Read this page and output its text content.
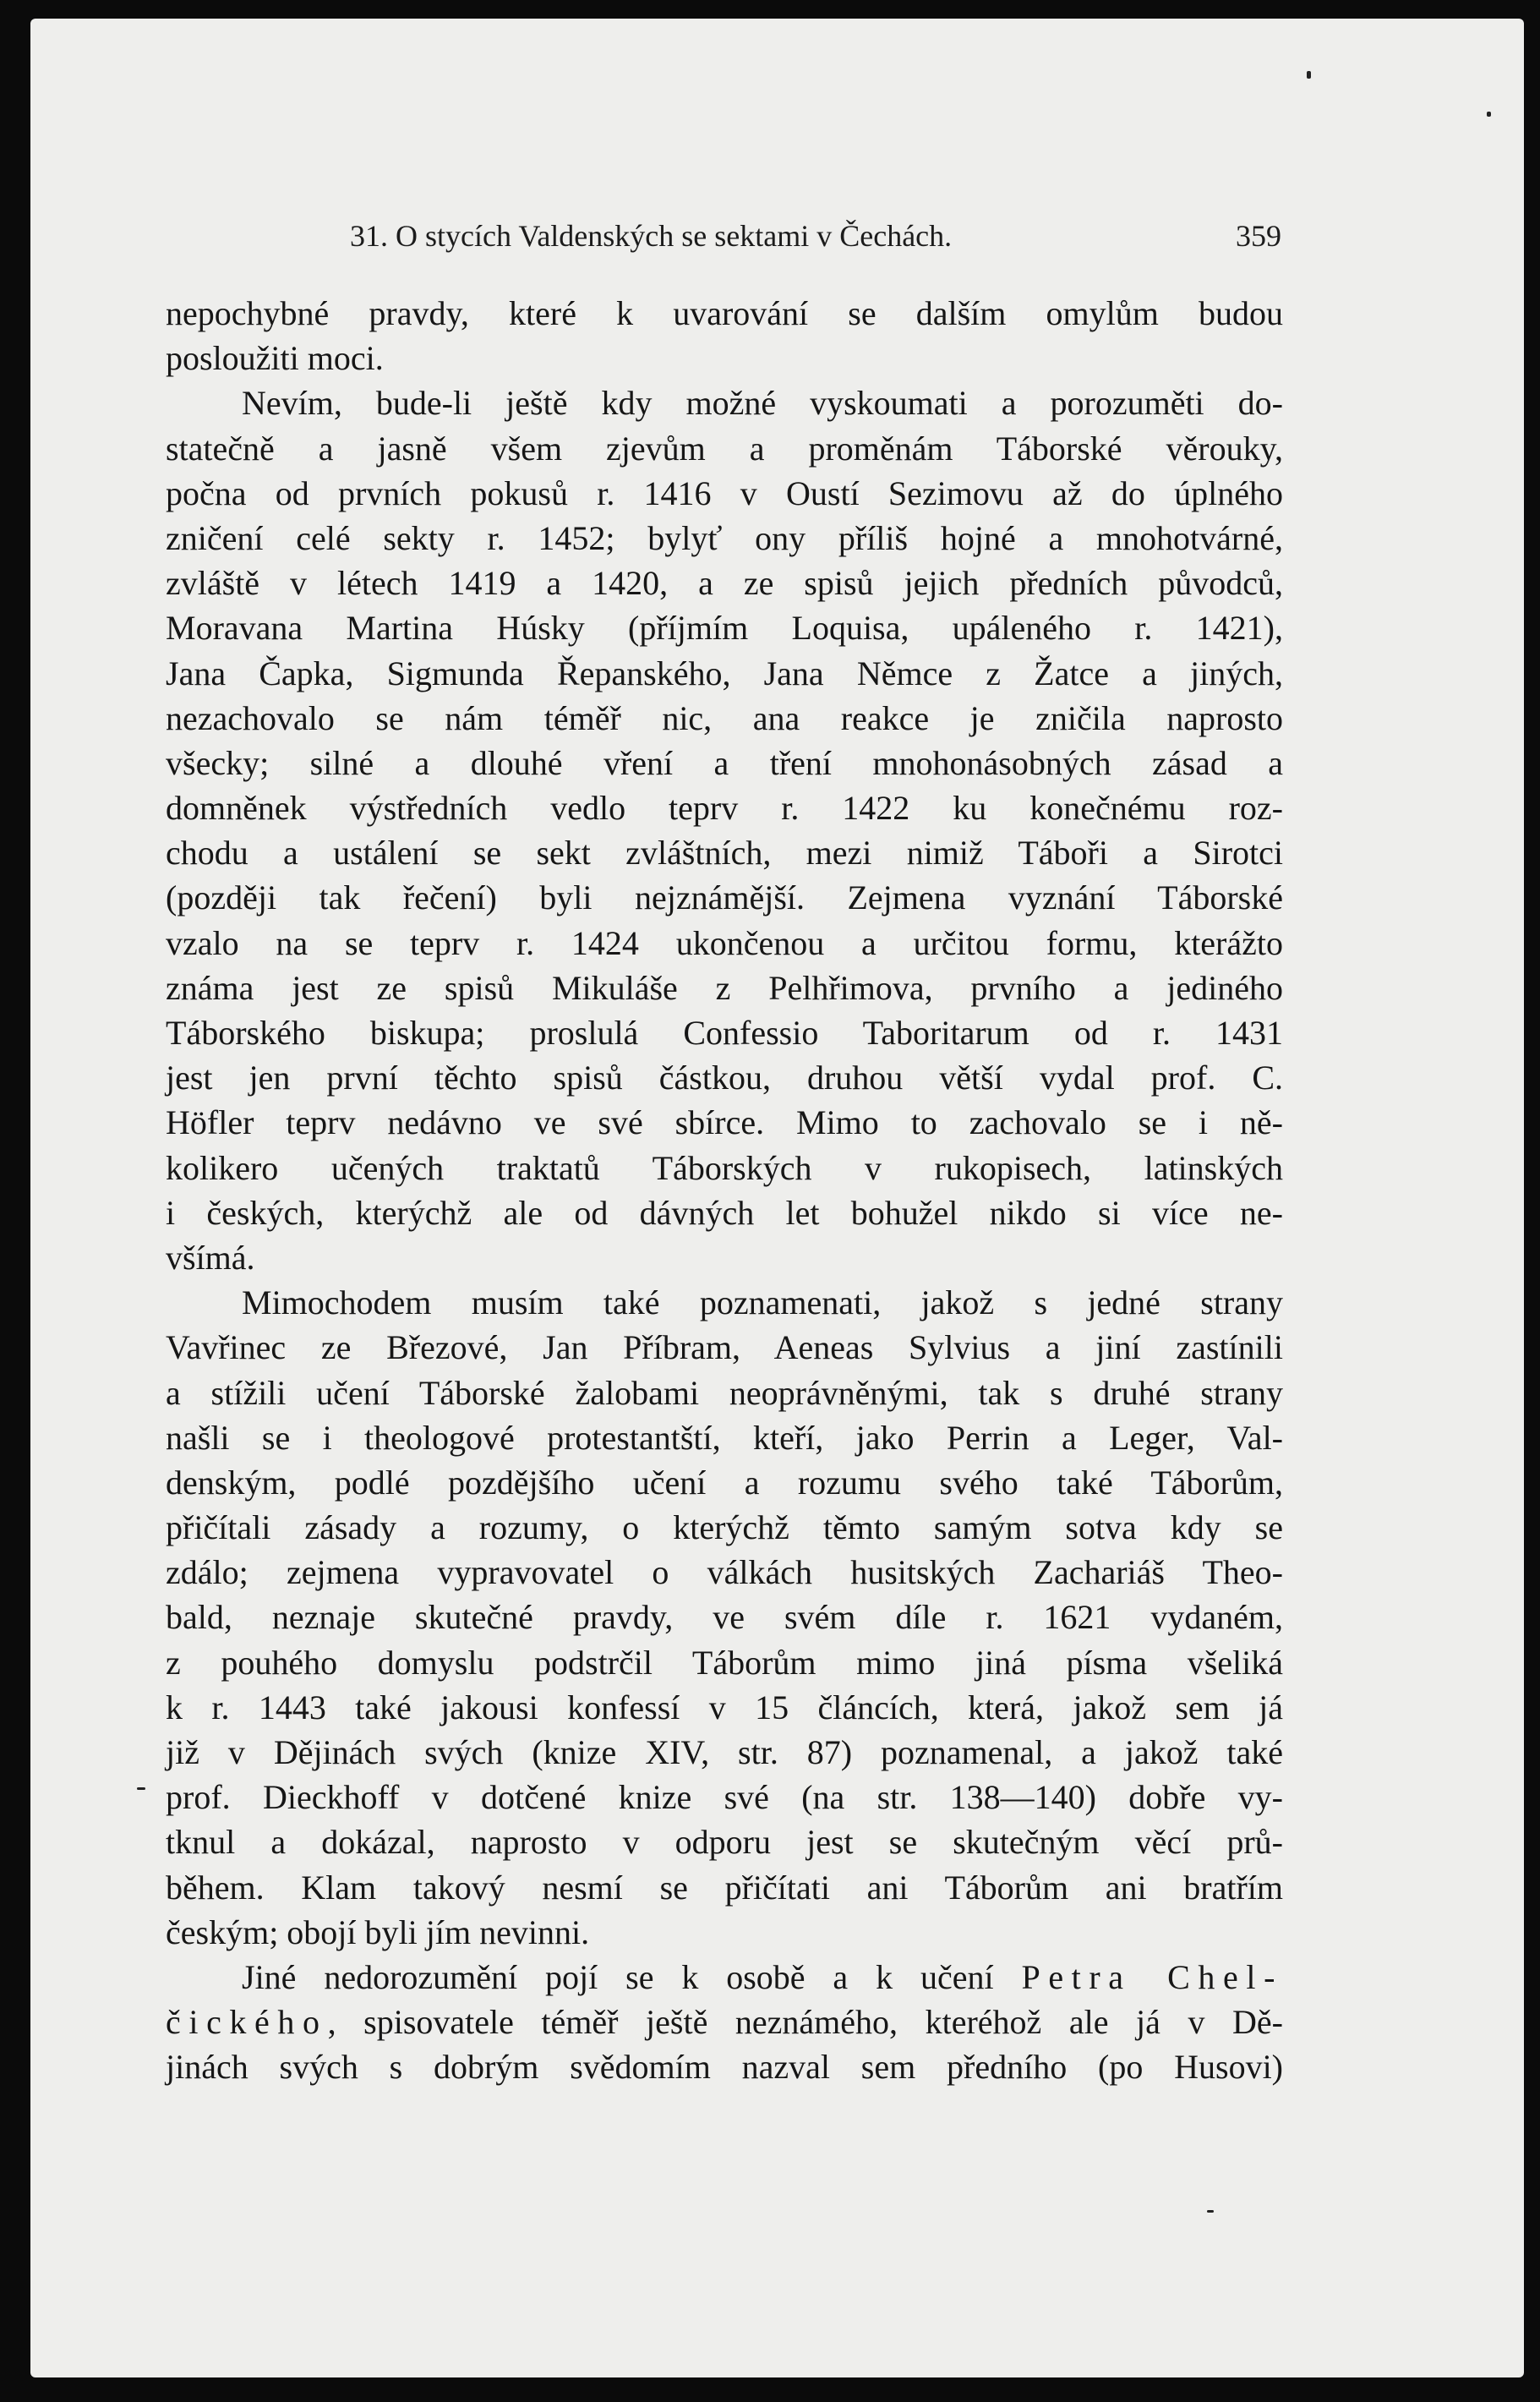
31. O stycích Valdenských se sektami v Čechách.	359
nepochybné pravdy, které k uvarování se dalším omylům budou
posloužiti moci.
Nevím, bude-li ještě kdy možné vyskoumati a porozuměti do-
statečně a jasně všem zjevům a proměnám Táborské věrouky,
počna od prvních pokusů r. 1416 v Oustí Sezimovu až do úplného
zničení celé sekty r. 1452; bylyť ony příliš hojné a mnohotvárné,
zvláště v létech 1419 a 1420, a ze spisů jejich předních původců,
Moravana Martina Húsky (příjmím Loquisa, upáleného r. 1421),
Jana Čapka, Sigmunda Řepanského, Jana Němce z Žatce a jiných,
nezachovalo se nám téměř nic, ana reakce je zničila naprosto
všecky; silné a dlouhé vření a tření mnohonásobných zásad a
domněnek výstředních vedlo teprv r. 1422 ku konečnému roz-
chodu a ustálení se sekt zvláštních, mezi nimiž Táboři a Sirotci
(později tak řečení) byli nejznámější. Zejmena vyznání Táborské
vzalo na se teprv r. 1424 ukončenou a určitou formu, kterážto
známa jest ze spisů Mikuláše z Pelhřimova, prvního a jediného
Táborského biskupa; proslulá Confessio Taboritarum od r. 1431
jest jen první těchto spisů částkou, druhou větší vydal prof. C.
Höfler teprv nedávno ve své sbírce. Mimo to zachovalo se i ně-
kolikero učených traktatů Táborských v rukopisech, latinských
i českých, kterýchž ale od dávných let bohužel nikdo si více ne-
všímá.
Mimochodem musím také poznamenati, jakož s jedné strany
Vavřinec ze Březové, Jan Příbram, Aeneas Sylvius a jiní zastínili
a stížili učení Táborské žalobami neoprávněnými, tak s druhé strany
našli se i theologové protestantští, kteří, jako Perrin a Leger, Val-
denským, podlé pozdějšího učení a rozumu svého také Táborům,
přičítali zásady a rozumy, o kterýchž těmto samým sotva kdy se
zdálo; zejmena vypravovatel o válkách husitských Zachariáš Theo-
bald, neznaje skutečné pravdy, ve svém díle r. 1621 vydaném,
z pouhého domyslu podstrčil Táborům mimo jiná písma všeliká
k r. 1443 také jakousi konfessí v 15 článcích, která, jakož sem já
již v Dějinách svých (knize XIV, str. 87) poznamenal, a jakož také
prof. Dieckhoff v dotčené knize své (na str. 138—140) dobře vy-
tknul a dokázal, naprosto v odporu jest se skutečným věcí prů-
během. Klam takový nesmí se přičítati ani Táborům ani bratřím
českým; obojí byli jím nevinni.
Jiné nedorozumění pojí se k osobě a k učení Petra Chel-
čického, spisovatele téměř ještě neznámého, kteréhož ale já v Dě-
jinách svých s dobrým svědomím nazval sem předního (po Husovi)
